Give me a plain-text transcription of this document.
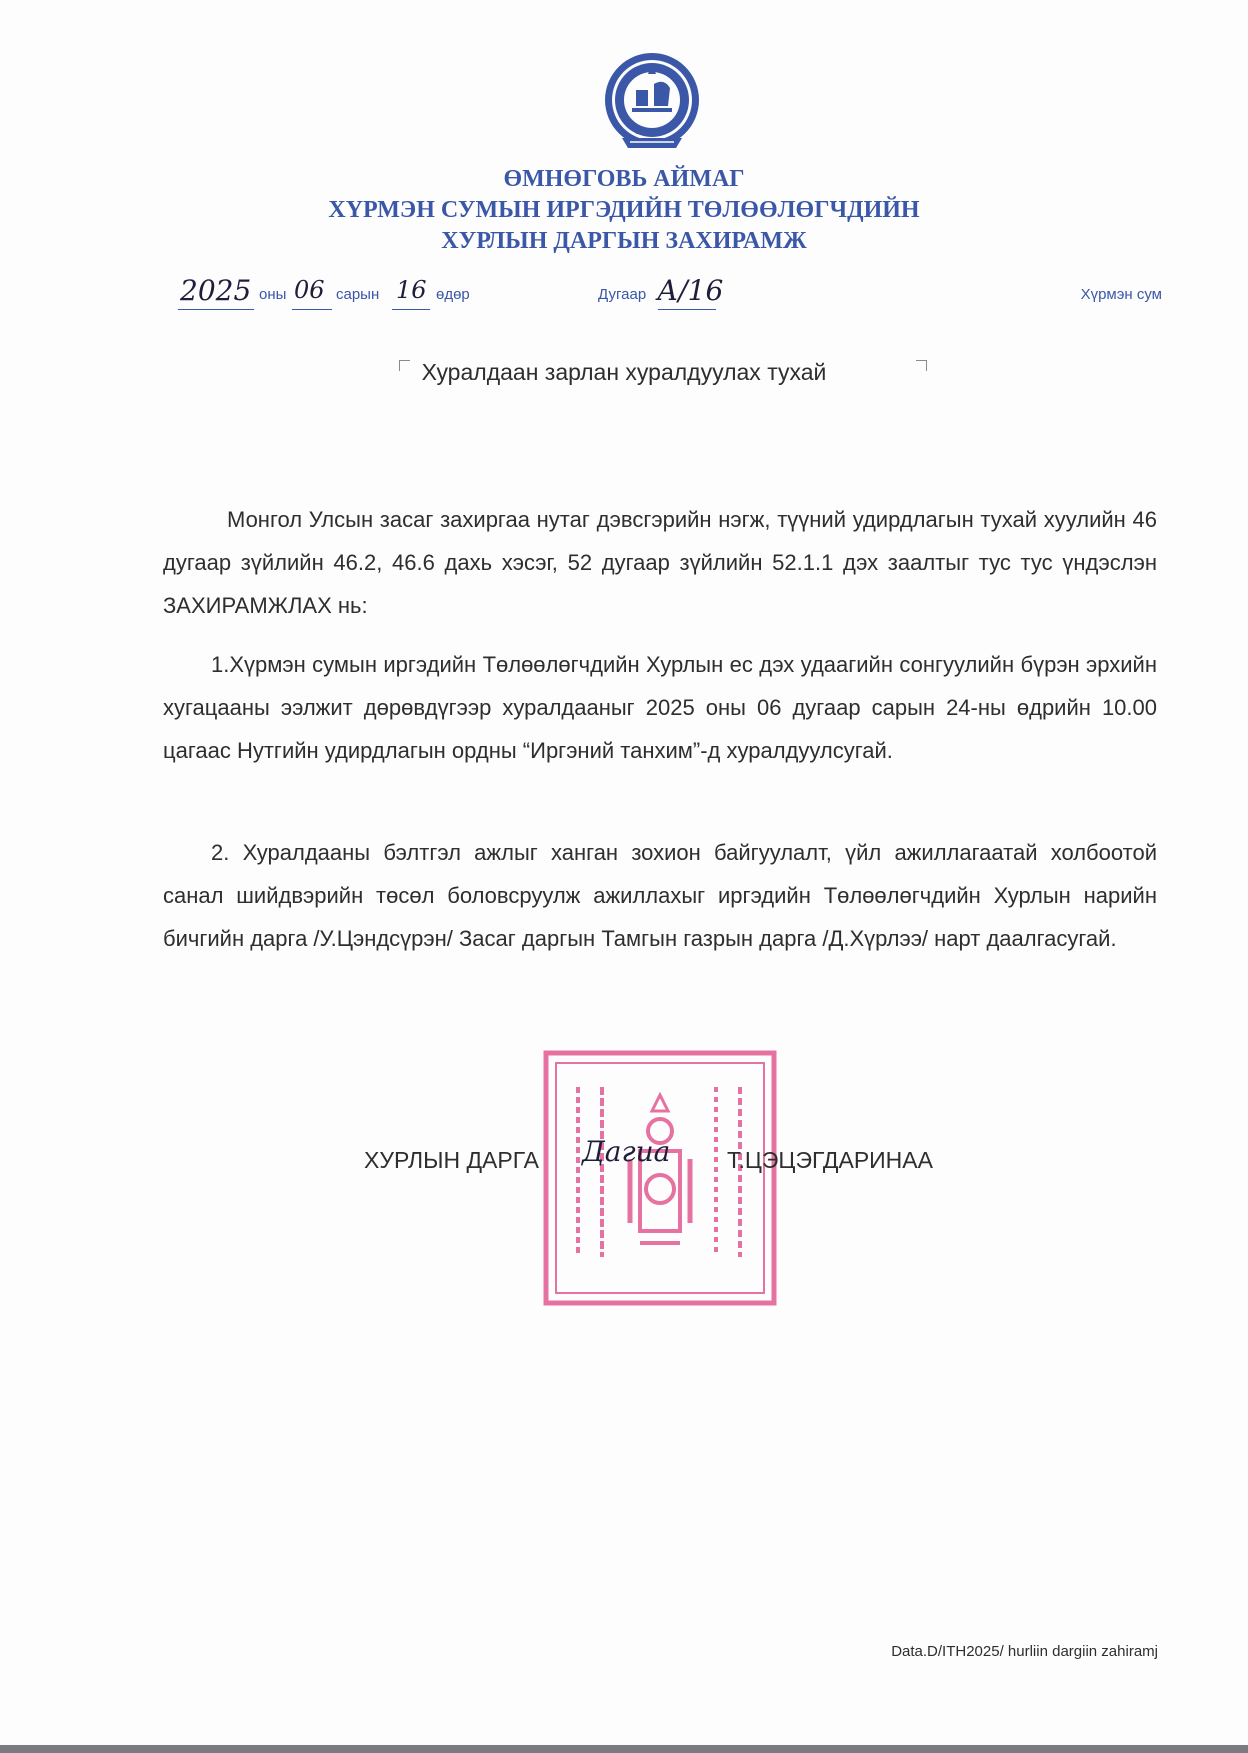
ӨМНӨГОВЬ АЙМАГ
ХҮРМЭН СУМЫН ИРГЭДИЙН ТӨЛӨӨЛӨГЧДИЙН
ХУРЛЫН ДАРГЫН ЗАХИРАМЖ
2025 оны 06 сарын 16 өдөр	Дугаар А/16	Хүрмэн сум
Хуралдаан зарлан хуралдуулах тухай
Монгол Улсын засаг захиргаа нутаг дэвсгэрийн нэгж, түүний удирдлагын тухай хуулийн 46 дугаар зүйлийн 46.2, 46.6 дахь хэсэг, 52 дугаар зүйлийн 52.1.1 дэх заалтыг тус тус үндэслэн ЗАХИРАМЖЛАХ нь:
1.Хүрмэн сумын иргэдийн Төлөөлөгчдийн Хурлын ес дэх удаагийн сонгуулийн бүрэн эрхийн хугацааны ээлжит дөрөвдүгээр хуралдааныг 2025 оны 06 дугаар сарын 24-ны өдрийн 10.00 цагаас Нутгийн удирдлагын ордны “Иргэний танхим”-д хуралдуулсугай.
2. Хуралдааны бэлтгэл ажлыг ханган зохион байгуулалт, үйл ажиллагаатай холбоотой санал шийдвэрийн төсөл боловсруулж ажиллахыг иргэдийн Төлөөлөгчдийн Хурлын нарийн бичгийн дарга /У.Цэндсүрэн/ Засаг даргын Тамгын газрын дарга /Д.Хүрлээ/ нарт даалгасугай.
ХУРЛЫН ДАРГА Дагиа Т.ЦЭЦЭГДАРИНАА
Data.D/ITH2025/ hurliin dargiin zahiramj
